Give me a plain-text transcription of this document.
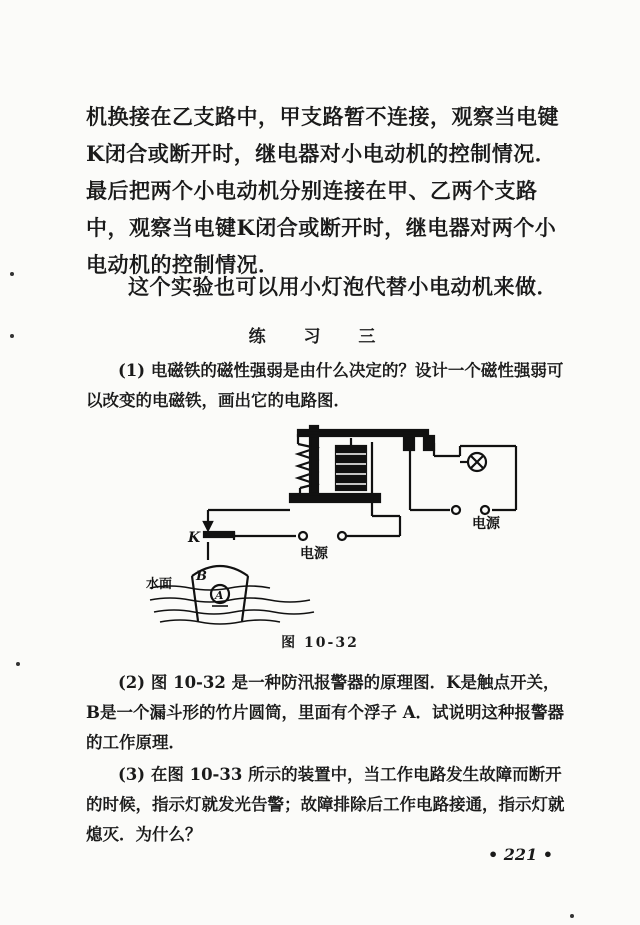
机换接在乙支路中，甲支路暂不连接，观察当电键K闭合或断开时，继电器对小电动机的控制情况．最后把两个小电动机分别连接在甲、乙两个支路中，观察当电键K闭合或断开时，继电器对两个小电动机的控制情况．

这个实验也可以用小灯泡代替小电动机来做．

练 习 三

(1) 电磁铁的磁性强弱是由什么决定的？设计一个磁性强弱可以改变的电磁铁，画出它的电路图．

电源
电源
K
B
A
水面
图 10-32

(2) 图 10-32 是一种防汛报警器的原理图．K是触点开关，B是一个漏斗形的竹片圆筒，里面有个浮子 A．试说明这种报警器的工作原理．

(3) 在图 10-33 所示的装置中，当工作电路发生故障而断开的时候，指示灯就发光告警；故障排除后工作电路接通，指示灯就熄灭．为什么？

• 221 •
